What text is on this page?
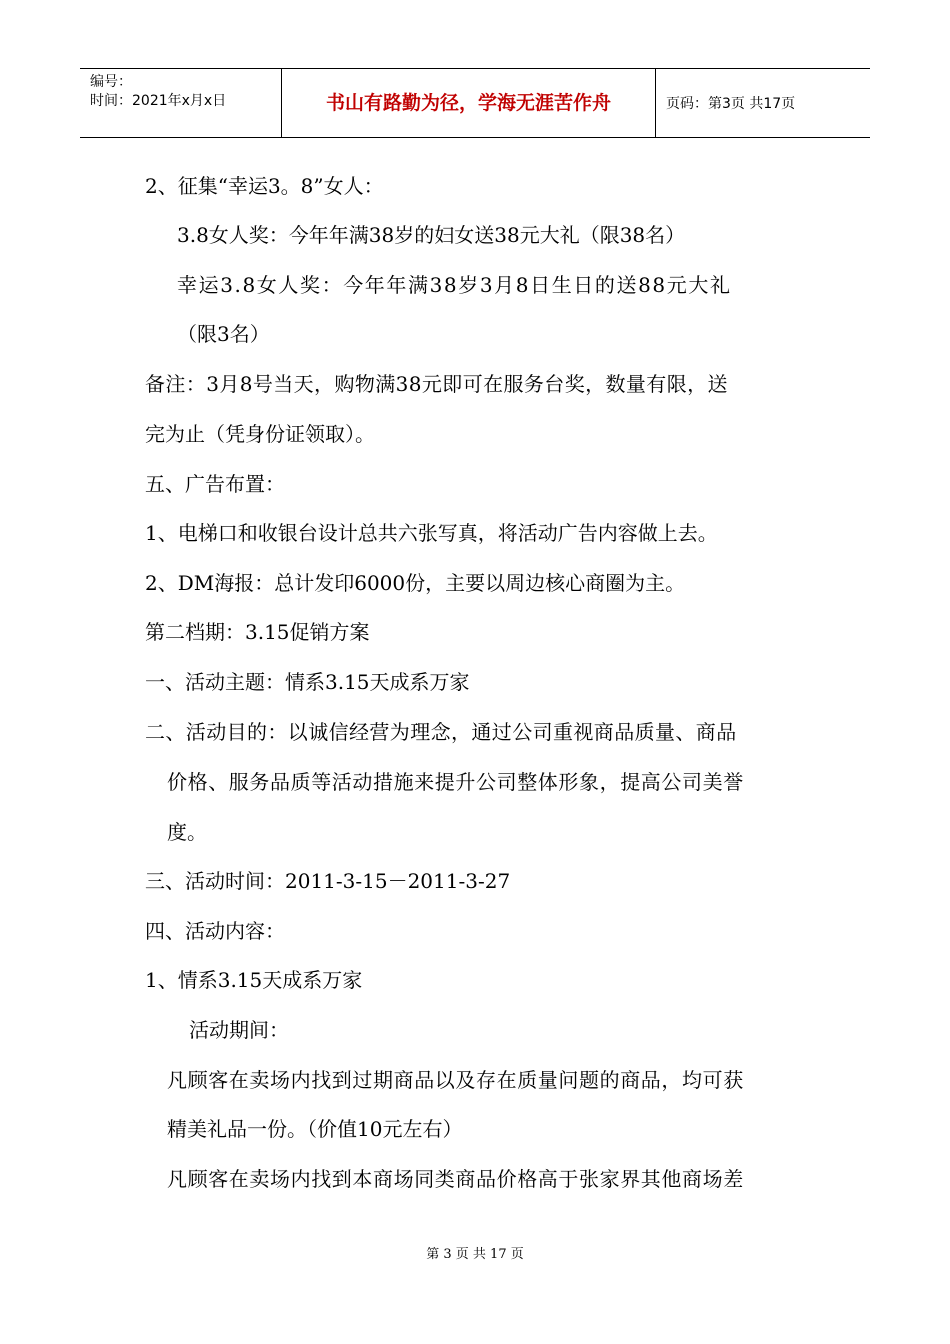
编号：
时间：2021年x月x日	书山有路勤为径，学海无涯苦作舟	页码：第3页 共17页
2、征集“幸运3。8”女人：
3.8女人奖：今年年满38岁的妇女送38元大礼（限38名）
幸运3.8女人奖：今年年满38岁3月8日生日的送88元大礼
（限3名）
备注：3月8号当天，购物满38元即可在服务台奖，数量有限，送
完为止（凭身份证领取）。
五、广告布置：
1、电梯口和收银台设计总共六张写真，将活动广告内容做上去。
2、DM海报：总计发印6000份，主要以周边核心商圈为主。
第二档期：3.15促销方案
一、活动主题：情系3.15天成系万家
二、活动目的：以诚信经营为理念，通过公司重视商品质量、商品
价格、服务品质等活动措施来提升公司整体形象，提高公司美誉
度。
三、活动时间：2011-3-15－2011-3-27
四、活动内容：
1、情系3.15天成系万家
活动期间：
凡顾客在卖场内找到过期商品以及存在质量问题的商品，均可获
精美礼品一份。（价值10元左右）
凡顾客在卖场内找到本商场同类商品价格高于张家界其他商场差
第 3 页 共 17 页
